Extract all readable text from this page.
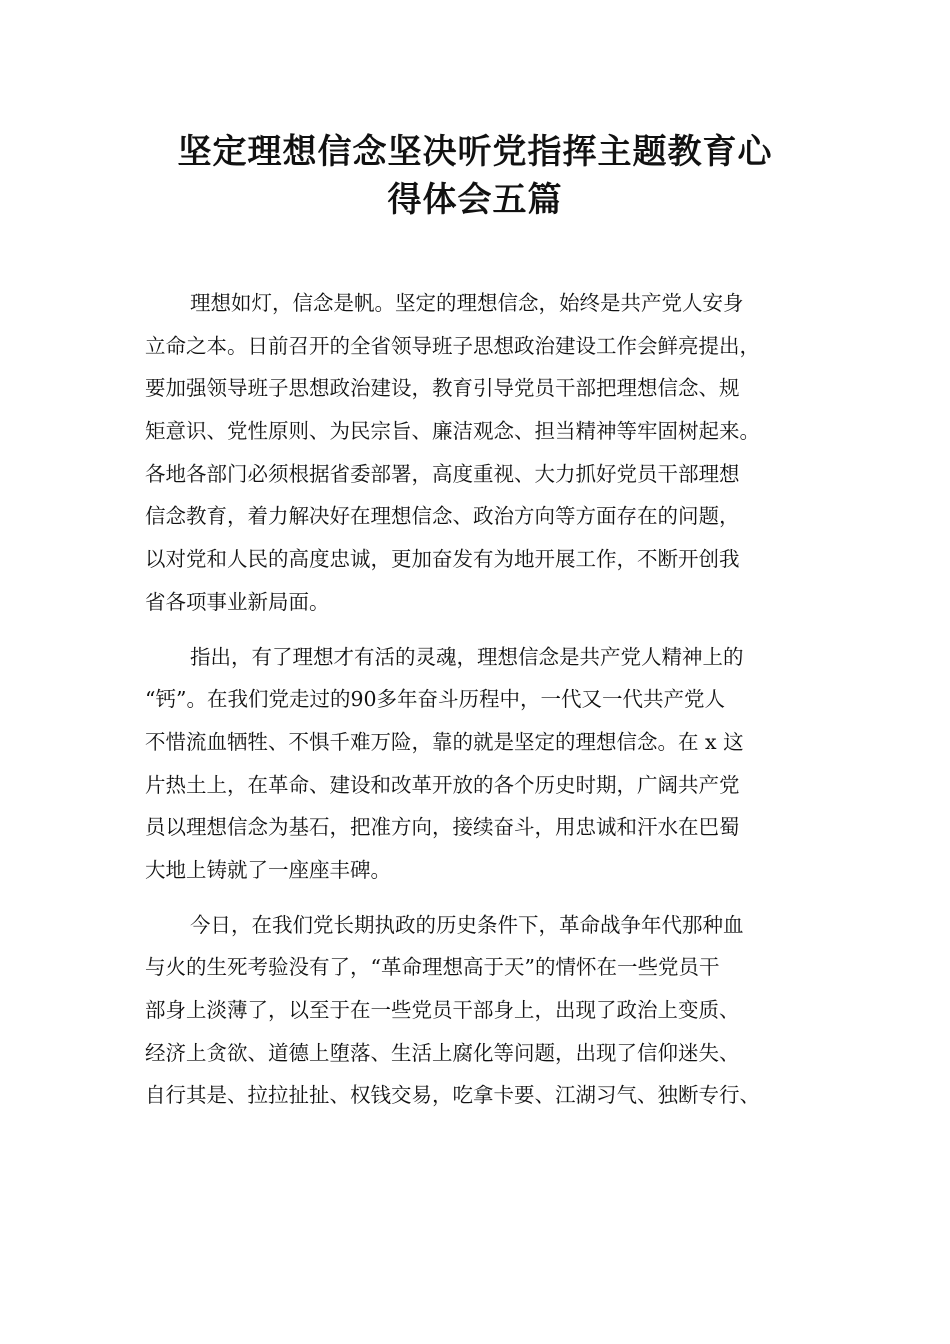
坚定理想信念坚决听党指挥主题教育心
得体会五篇
理想如灯，信念是帆。坚定的理想信念，始终是共产党人安身
立命之本。日前召开的全省领导班子思想政治建设工作会鲜亮提出，
要加强领导班子思想政治建设，教育引导党员干部把理想信念、规
矩意识、党性原则、为民宗旨、廉洁观念、担当精神等牢固树起来。
各地各部门必须根据省委部署，高度重视、大力抓好党员干部理想
信念教育，着力解决好在理想信念、政治方向等方面存在的问题，
以对党和人民的高度忠诚，更加奋发有为地开展工作，不断开创我
省各项事业新局面。
指出，有了理想才有活的灵魂，理想信念是共产党人精神上的
“钙”。在我们党走过的90多年奋斗历程中，一代又一代共产党人
不惜流血牺牲、不惧千难万险，靠的就是坚定的理想信念。在 x 这
片热土上，在革命、建设和改革开放的各个历史时期，广阔共产党
员以理想信念为基石，把准方向，接续奋斗，用忠诚和汗水在巴蜀
大地上铸就了一座座丰碑。
今日，在我们党长期执政的历史条件下，革命战争年代那种血
与火的生死考验没有了，“革命理想高于天”的情怀在一些党员干
部身上淡薄了，以至于在一些党员干部身上，出现了政治上变质、
经济上贪欲、道德上堕落、生活上腐化等问题，出现了信仰迷失、
自行其是、拉拉扯扯、权钱交易，吃拿卡要、江湖习气、独断专行、
